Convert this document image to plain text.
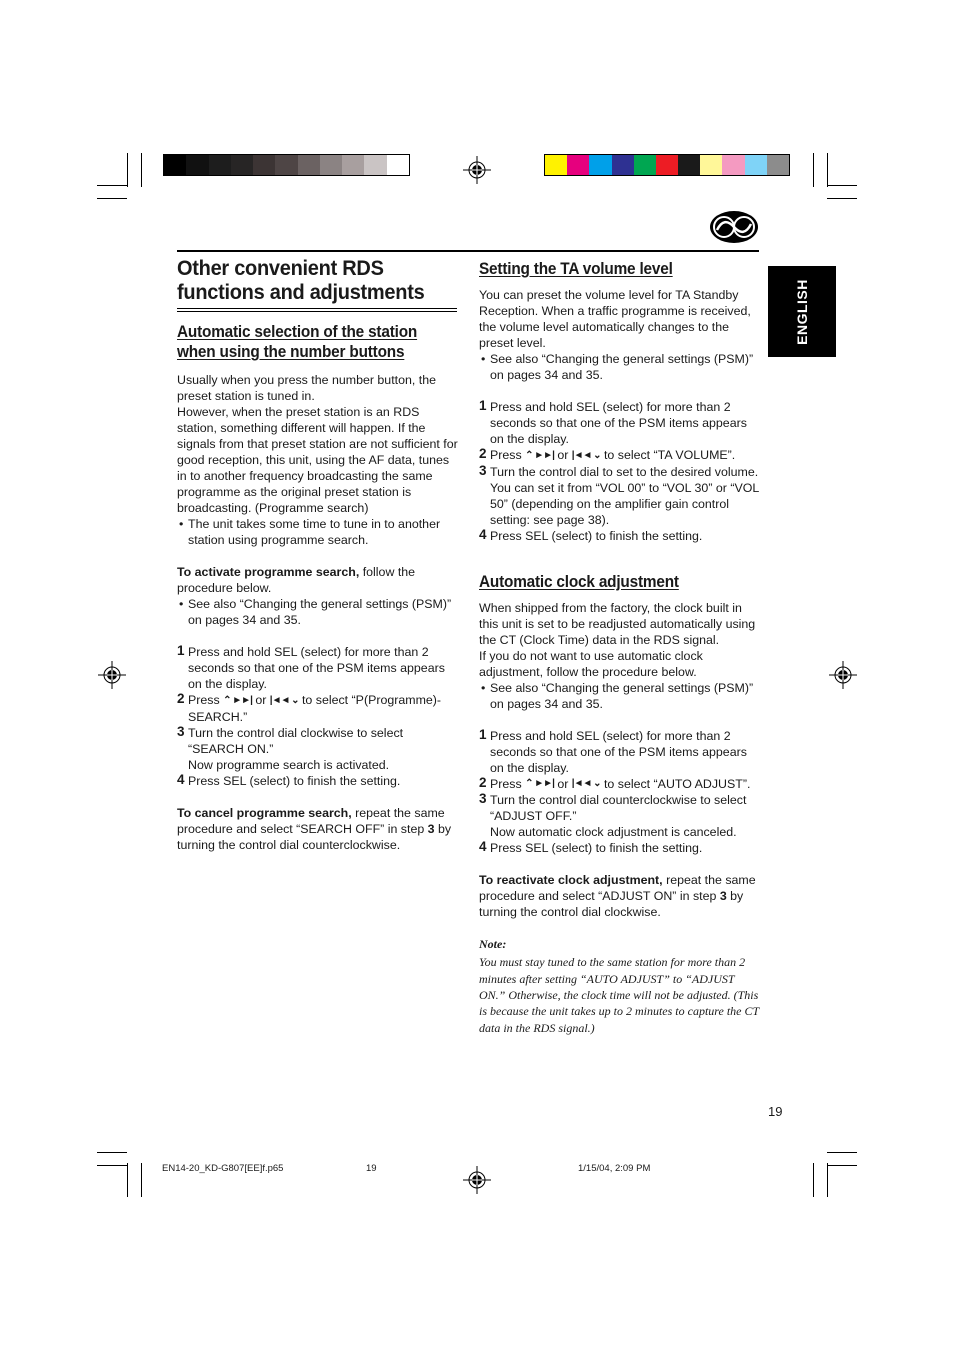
ENGLISH
Other convenient RDS functions and adjustments
Automatic selection of the station when using the number buttons

Usually when you press the number button, the preset station is tuned in.

However, when the preset station is an RDS station, something different will happen. If the signals from that preset station are not sufficient for good reception, this unit, using the AF data, tunes in to another frequency broadcasting the same programme as the original preset station is broadcasting. (Programme search)

• The unit takes some time to tune in to another station using programme search.

To activate programme search, follow the procedure below.

• See also “Changing the general settings (PSM)” on pages 34 and 35.
1 Press and hold SEL (select) for more than 2 seconds so that one of the PSM items appears on the display.
2 Press ⌃ ►►| or |◄◄ ⌄ to select “P(Programme)-SEARCH.”
3 Turn the control dial clockwise to select “SEARCH ON.”
Now programme search is activated.
4 Press SEL (select) to finish the setting.

To cancel programme search, repeat the same procedure and select “SEARCH OFF” in step 3 by turning the control dial counterclockwise.

Setting the TA volume level

You can preset the volume level for TA Standby Reception. When a traffic programme is received, the volume level automatically changes to the preset level.

• See also “Changing the general settings (PSM)” on pages 34 and 35.
1 Press and hold SEL (select) for more than 2 seconds so that one of the PSM items appears on the display.
2 Press ⌃ ►►| or |◄◄ ⌄ to select “TA VOLUME”.
3 Turn the control dial to set to the desired volume.
You can set it from “VOL 00” to “VOL 30” or “VOL 50” (depending on the amplifier gain control setting: see page 38).
4 Press SEL (select) to finish the setting.
Automatic clock adjustment

When shipped from the factory, the clock built in this unit is set to be readjusted automatically using the CT (Clock Time) data in the RDS signal.

If you do not want to use automatic clock adjustment, follow the procedure below.

• See also “Changing the general settings (PSM)” on pages 34 and 35.
1 Press and hold SEL (select) for more than 2 seconds so that one of the PSM items appears on the display.
2 Press ⌃ ►►| or |◄◄ ⌄ to select “AUTO ADJUST”.
3 Turn the control dial counterclockwise to select “ADJUST OFF.”
Now automatic clock adjustment is canceled.
4 Press SEL (select) to finish the setting.

To reactivate clock adjustment, repeat the same procedure and select “ADJUST ON” in step 3 by turning the control dial clockwise.

Note:
You must stay tuned to the same station for more than 2 minutes after setting “AUTO ADJUST” to “ADJUST ON.” Otherwise, the clock time will not be adjusted. (This is because the unit takes up to 2 minutes to capture the CT data in the RDS signal.)
19
EN14-20_KD-G807[EE]f.p65	19	1/15/04, 2:09 PM
